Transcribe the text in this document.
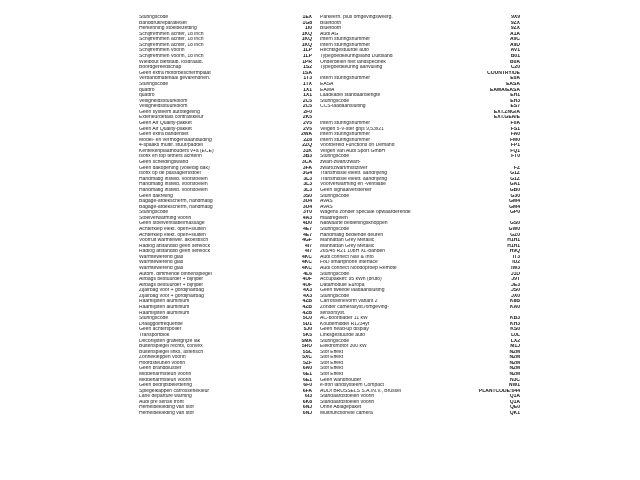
Sturingscode	1EX Parkeerh. plus omgevingsweerg.	9X9
Banddrukreparatieset	1G8 Bluetooth	9ZX
Herkenning stoelbezetting	1I0 Bluetooth	9ZX
Schijfremmen achter, 18 inch	1KQ Audi AG	A1A
Schijfremmen achter, 18 inch	1KQ Intern sturingsnummer	A9C
Schijfremmen achter, 18 inch	1KQ Intern sturingsnummer	A9D
Schijfremmen voorin	1LP Rechtsgestuurde auto	AV1
Schijfremmen voorin, 18 inch	1LP Typegoedkeuringsland Duitsland	B01
Wielbout diefstalb. losdraaid.	1PR Onderdelen niet landspecifiek	B0A
Boordgereedschap	1S2 Typegoedkeuring aanvulling	C20
Geen extra motorbeschermplaat	1SA	COUNTRY/DE
Verbandmateriaal gevarendrieh.	1T3 Intern sturingsnummer	E0A
Sturingscode	1TX EASA	EASA
quattro	1X1 EAWA	EAWA/EASA
quattro	1X1 Laadkabel standaardlengte	EH1
Veiligheidsstuurkolom	2C5 Sturingscode	EH3
Veiligheidsstuurkolom	2C5 CCS-laadaansluiting	ES7
Geen systeem autotegeling	2F0	EXT.ZNG/A
Exterieurdetails contrastkleur	2K5	EXT.GEA/E
Geen Air Quality-pakket	2V5 Intern sturingsnummer	F0A
Geen Air Quality-pakket	2V5 Velgen 5-V-ster grijs 9,53x21	FS1
Geen extra bandenset	2WA Intern sturingsnummer	FA0
Model- en vermogensaanduiding	2Z8 Intern sturingsnummer	FM0
4-spaaks multif. stuur/paddel	2ZQ Voorbereid Functions on Demand	FP1
Kentekenplaathouders v+a (ECE)	31K Velgen van Audi Sport GmbH	FQ1
Isofix en top tethers achterin	3B3 Sturingscode	FT0
Geen scheidingswand	3CA zwart-zwart/zwart-
Geen dakopening (volledig dak)	3FA zwart/zwart/mistzilver	FZ
Isofix op de passagiersstoel	3G4 Transmissie elektr. aandrijving	G1Z
Handmatig instelb. voorstoelen	3L3 Transmissie elektr. aandrijving	G1Z
Handmatig instelb. voorstoelen	3L3 Voorverwarming en -ventilatie	GA1
Handmatig instelb. voorstoelen	3L3 Geen signaalversterker	GB0
Geen dakreling	3S0 Sturingscode	G30
Bagage-afdekscherm, handmatig	3U4 AVAS	GM4
Bagage-afdekscherm, handmatig	3U4 AVAS	GM4
Sturingscode	3Y0 Wagens zonder speciale opwaarderende	GP0
Stoelverwarming voorin	4A3 maatregelen
Geen stoelventilatie/massage	4D0 Natwaarte bedieningsknoppen	GS0
Achterklep elekt. open+sluiten	4E7 Sturingscode	GW0
Achterklep elekt. open+sluiten	4E7 Handmatig bediende deuren	GZ0
Voorruit warmtewer. akoestisch	4GF Manhattan Grey Metallic	H1H1
Radiog afstandsb geen sefelock	4I7 Manhattan Grey Metallic	H1H1
Radiog afstandsb geen sefelock	4I7 265/45 R21 108H XL-banden	H9Q
Warmtewerend glas	4KC Audi connect Nav & Info	IT3
Warmtewerend glas	4KC FoD smartphone interface	IU2
Warmtewerend glas	4KC Audi connect Noodoproep Remote	IW3
Autom. dimmende binnenspiegel	4L6 Sturingscode	J1D
Airbags bestuurder + bijrijder	4UF Accupakket: 95 kWh (bruto)	J9T
Airbags bestuurder + bijrijder	4UF Datamodule Europa	JE3
Zijairbag voor + gordijnairbag	4X3 Geen tweede laadaansluiting	JS0
Zijairbag voor + gordijnairbag	4X3 Sturingscode	JX0
Raamlijsten aluminium	4ZB Carrosserievorm variant 2	K8B
Raamlijsten aluminium	4ZB Zonder camerasyst./omgeving-	KA0
Raamlijsten aluminium	4ZB sensorsyst.
Sturingscode	5C0 AC-boordlader 11 kW	KB3
Draaggolffrequentie	5D1 Koudemiddel R1234yf	KH3
Geen achterspoiler	5J0 Geen head-up display	KS0
Transportblok	5K5 Linksgestuurde auto	L0L
Decorlijsten grafietgrijze lak	5MA Sturingscode	LX2
Buitenspiegel rechts, convex	5RU Elektromotor 300 kW	M1J
Buitenspiegel links, asferisch	5SL Stof Effekt	N2M
Zonnekleppen voorin	5XC Stof Effekt	N2M
Hoofdsteunen voorin	5ZF Stof Effekt	N2M
Geen brandblusser	6A0 Stof Effekt	N2M
Middenarmsteun voorin	6E1 Stof Effekt	N2M
Middenarmsteun voorin	6E1 Geen wandhouder	N3C
Geen bedrijfsbelettering	6F0 e-tron landsysteem Compact	NW1
Spiegelkappen carrosseriekleur	6FA AUDI BRUSSELS S.A./N.V., Brussel	PLANTCODE:044
Lane departure warning	6I3 Standaardstoelen voorin	Q1A
Audi pre sense front	6K8 Standaardstoelen voorin	Q1A
Hemelbekleding van stof	6NJ Ohne Ablagepaket	QE0
Hemelbekleding van stof	6NJ Multifunctionele camera	QK1
